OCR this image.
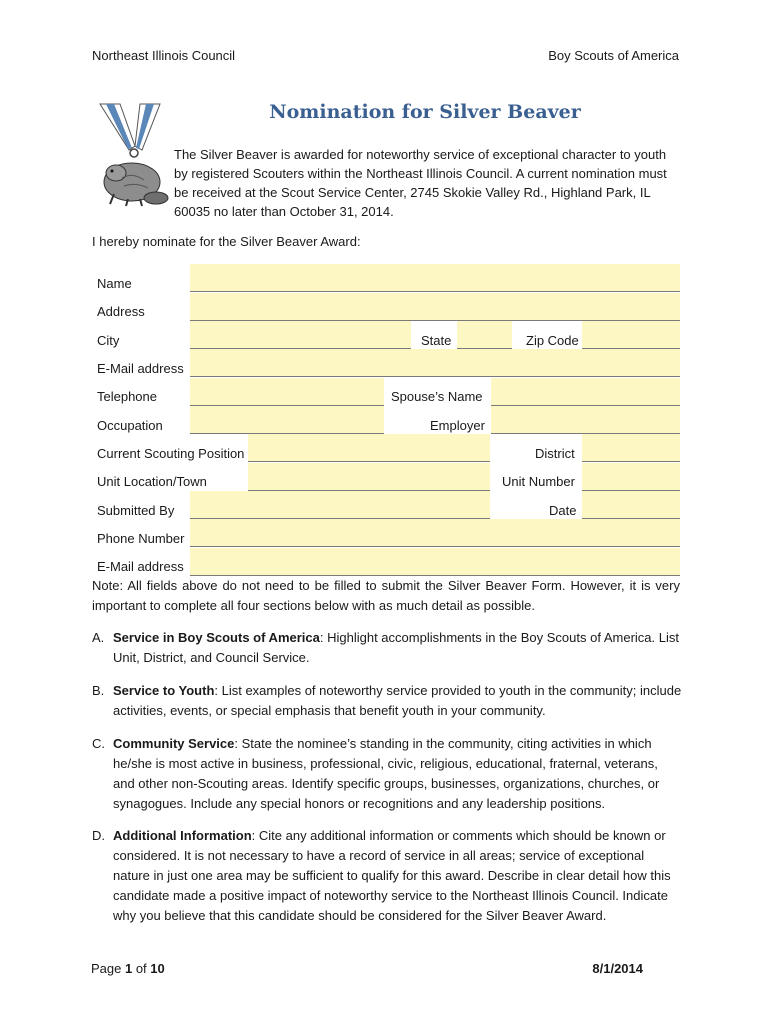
Northeast Illinois Council	Boy Scouts of America
Nomination for Silver Beaver
The Silver Beaver is awarded for noteworthy service of exceptional character to youth by registered Scouters within the Northeast Illinois Council. A current nomination must be received at the Scout Service Center, 2745 Skokie Valley Rd., Highland Park, IL 60035 no later than October 31, 2014.
I hereby nominate for the Silver Beaver Award:
Name
Address
City	State	Zip Code
E-Mail address
Telephone	Spouse’s Name
Occupation	Employer
Current Scouting Position	District
Unit Location/Town	Unit Number
Submitted By	Date
Phone Number
E-Mail address
Note: All fields above do not need to be filled to submit the Silver Beaver Form. However, it is very important to complete all four sections below with as much detail as possible.
A. Service in Boy Scouts of America: Highlight accomplishments in the Boy Scouts of America. List Unit, District, and Council Service.
B. Service to Youth: List examples of noteworthy service provided to youth in the community; include activities, events, or special emphasis that benefit youth in your community.
C. Community Service: State the nominee’s standing in the community, citing activities in which he/she is most active in business, professional, civic, religious, educational, fraternal, veterans, and other non-Scouting areas. Identify specific groups, businesses, organizations, churches, or synagogues. Include any special honors or recognitions and any leadership positions.
D. Additional Information: Cite any additional information or comments which should be known or considered. It is not necessary to have a record of service in all areas; service of exceptional nature in just one area may be sufficient to qualify for this award. Describe in clear detail how this candidate made a positive impact of noteworthy service to the Northeast Illinois Council. Indicate why you believe that this candidate should be considered for the Silver Beaver Award.
Page 1 of 10	8/1/2014
